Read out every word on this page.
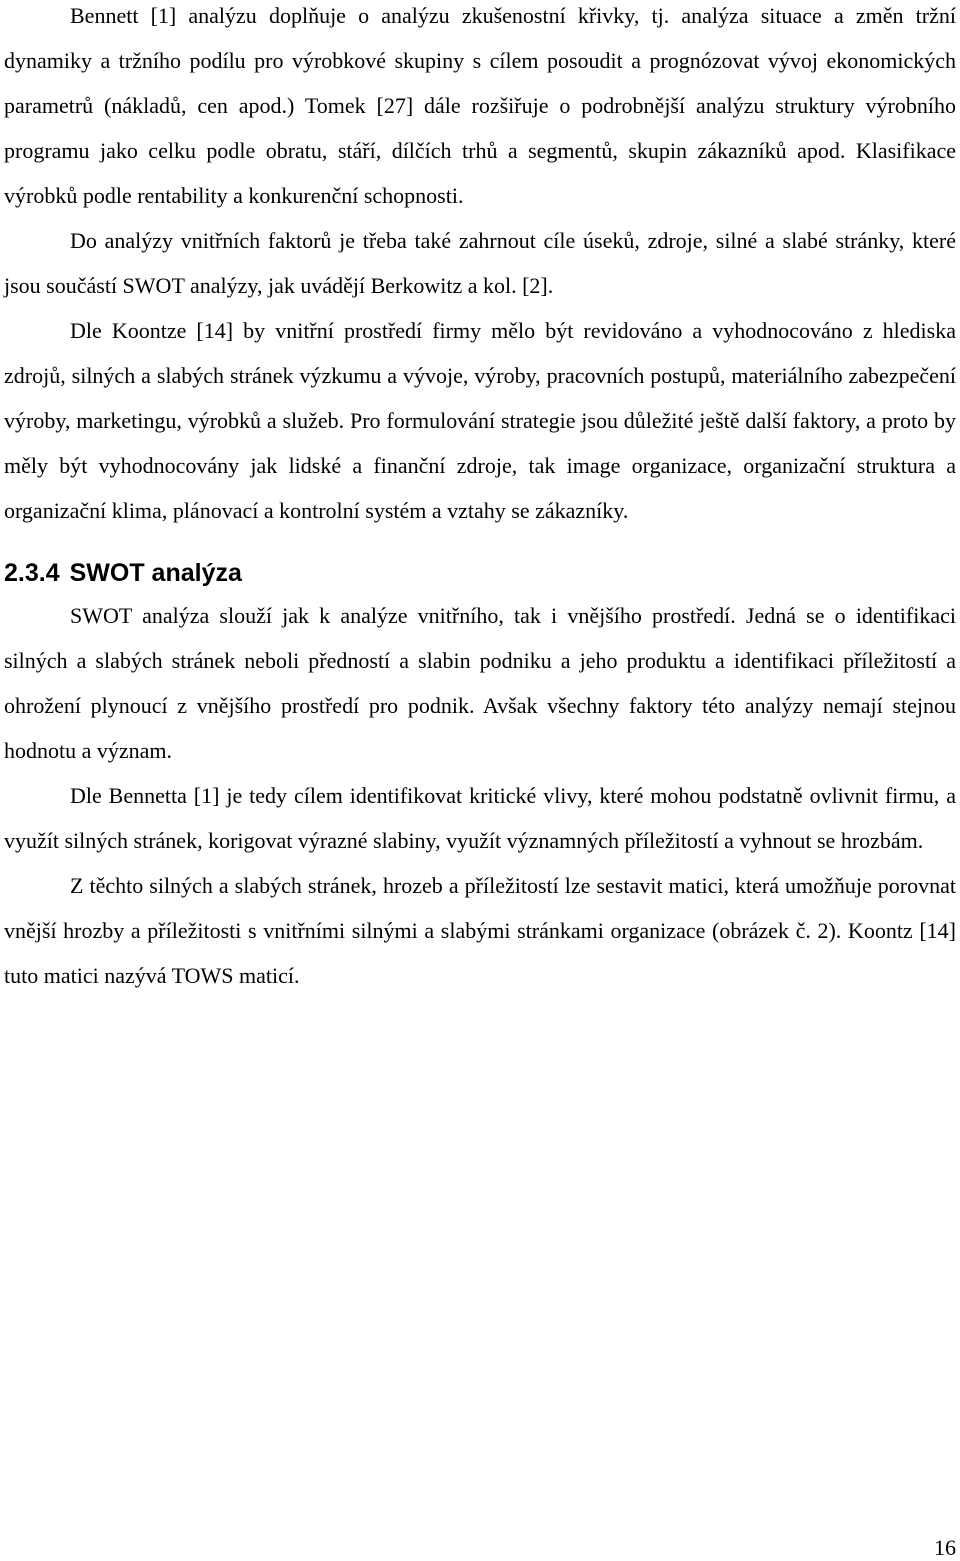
Bennett [1] analýzu doplňuje o analýzu zkušenostní křivky, tj. analýza situace a změn tržní dynamiky a tržního podílu pro výrobkové skupiny s cílem posoudit a prognózovat vývoj ekonomických parametrů (nákladů, cen apod.) Tomek [27] dále rozšiřuje o podrobnější analýzu struktury výrobního programu jako celku podle obratu, stáří, dílčích trhů a segmentů, skupin zákazníků apod. Klasifikace výrobků podle rentability a konkurenční schopnosti.

Do analýzy vnitřních faktorů je třeba také zahrnout cíle úseků, zdroje, silné a slabé stránky, které jsou součástí SWOT analýzy, jak uvádějí Berkowitz a kol. [2].

Dle Koontze [14] by vnitřní prostředí firmy mělo být revidováno a vyhodnocováno z hlediska zdrojů, silných a slabých stránek výzkumu a vývoje, výroby, pracovních postupů, materiálního zabezpečení výroby, marketingu, výrobků a služeb. Pro formulování strategie jsou důležité ještě další faktory, a proto by měly být vyhodnocovány jak lidské a finanční zdroje, tak image organizace, organizační struktura a organizační klima, plánovací a kontrolní systém a vztahy se zákazníky.

2.3.4 SWOT analýza

SWOT analýza slouží jak k analýze vnitřního, tak i vnějšího prostředí. Jedná se o identifikaci silných a slabých stránek neboli předností a slabin podniku a jeho produktu a identifikaci příležitostí a ohrožení plynoucí z vnějšího prostředí pro podnik. Avšak všechny faktory této analýzy nemají stejnou hodnotu a význam.

Dle Bennetta [1] je tedy cílem identifikovat kritické vlivy, které mohou podstatně ovlivnit firmu, a využít silných stránek, korigovat výrazné slabiny, využít významných příležitostí a vyhnout se hrozbám.

Z těchto silných a slabých stránek, hrozeb a příležitostí lze sestavit matici, která umožňuje porovnat vnější hrozby a příležitosti s vnitřními silnými a slabými stránkami organizace (obrázek č. 2). Koontz [14] tuto matici nazývá TOWS maticí.

16
